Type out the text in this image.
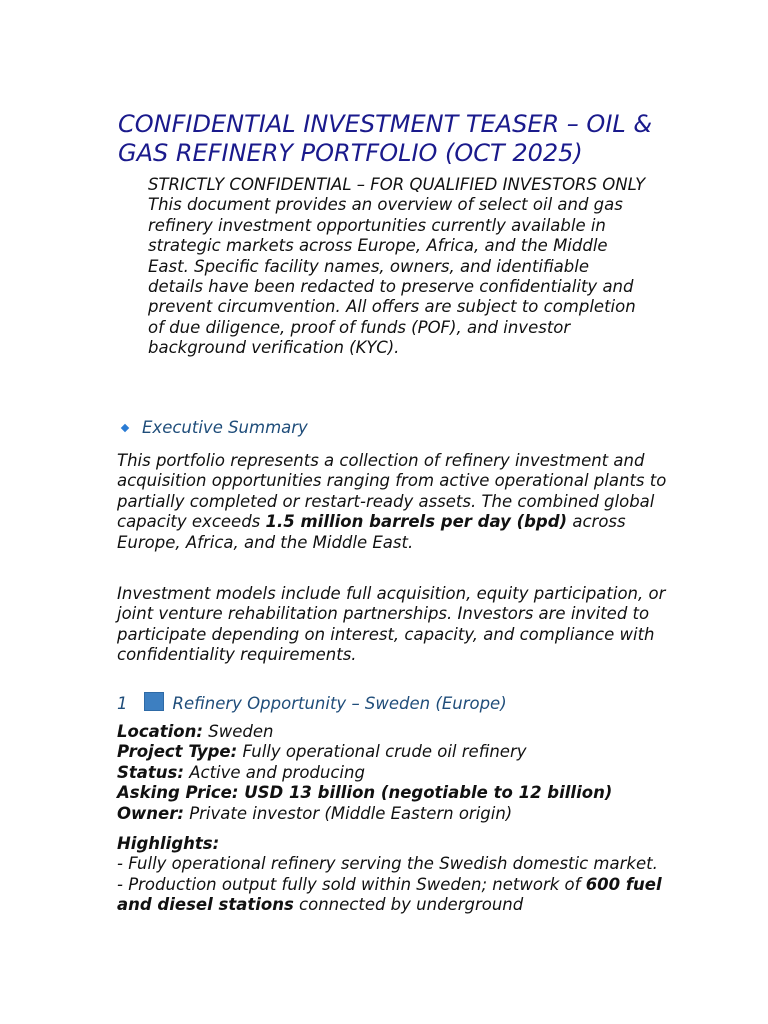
CONFIDENTIAL INVESTMENT TEASER – OIL & GAS REFINERY PORTFOLIO (OCT 2025)
STRICTLY CONFIDENTIAL – FOR QUALIFIED INVESTORS ONLY
This document provides an overview of select oil and gas refinery investment opportunities currently available in strategic markets across Europe, Africa, and the Middle East. Specific facility names, owners, and identifiable details have been redacted to preserve confidentiality and prevent circumvention. All offers are subject to completion of due diligence, proof of funds (POF), and investor background verification (KYC).
Executive Summary

This portfolio represents a collection of refinery investment and acquisition opportunities ranging from active operational plants to partially completed or restart-ready assets. The combined global capacity exceeds 1.5 million barrels per day (bpd) across Europe, Africa, and the Middle East.

Investment models include full acquisition, equity participation, or joint venture rehabilitation partnerships. Investors are invited to participate depending on interest, capacity, and compliance with confidentiality requirements.

1	Refinery Opportunity – Sweden (Europe)
Location: Sweden
Project Type: Fully operational crude oil refinery
Status: Active and producing
Asking Price: USD 13 billion (negotiable to 12 billion)
Owner: Private investor (Middle Eastern origin)
Highlights:
- Fully operational refinery serving the Swedish domestic market.
- Production output fully sold within Sweden; network of 600 fuel and diesel stations connected by underground
